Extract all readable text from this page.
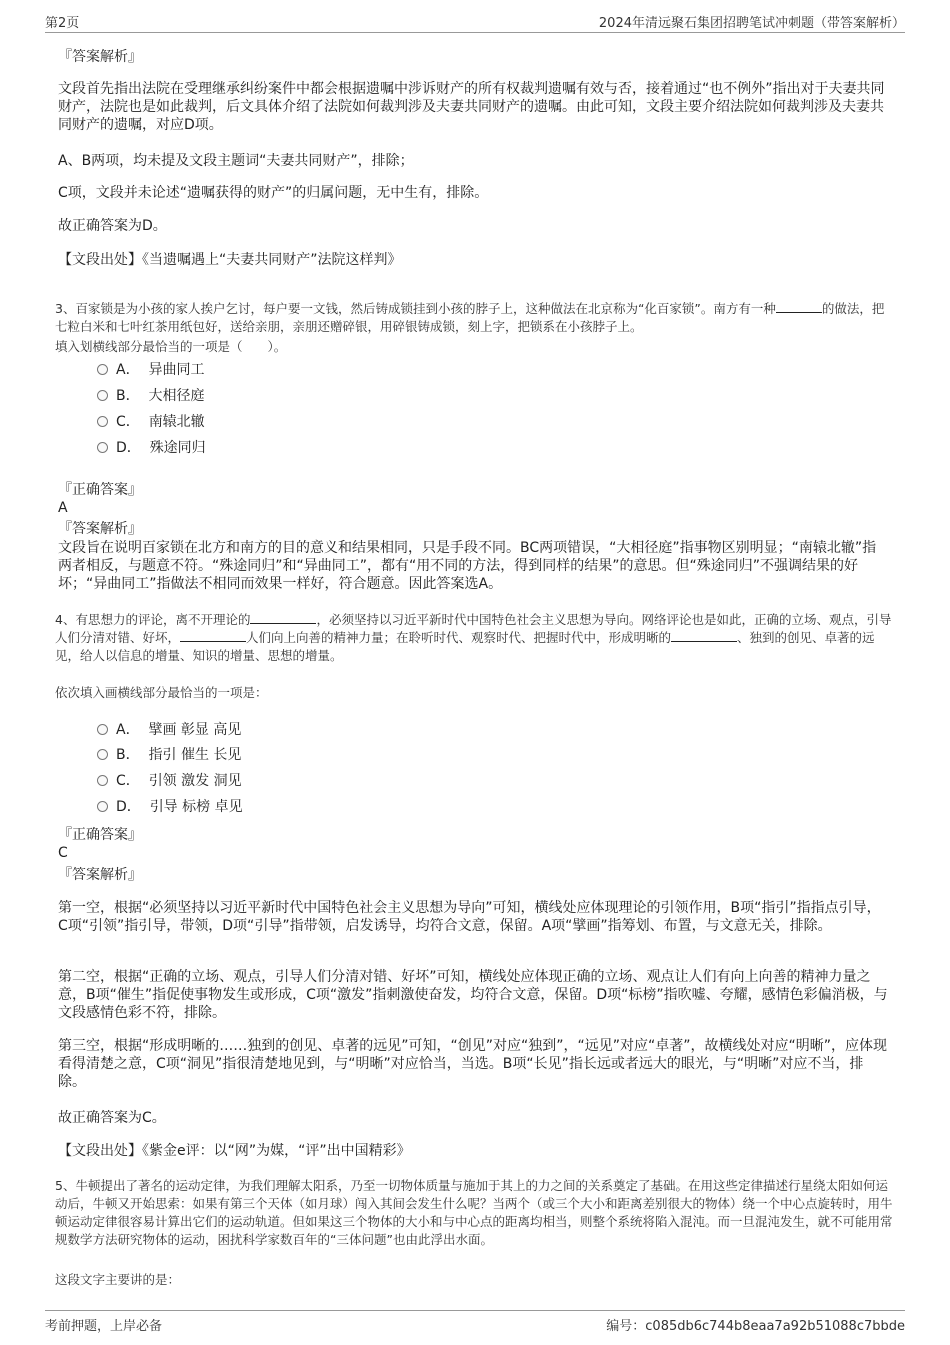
第2页	2024年清远聚石集团招聘笔试冲刺题（带答案解析）

『答案解析』

文段首先指出法院在受理继承纠纷案件中都会根据遗嘱中涉诉财产的所有权裁判遗嘱有效与否，接着通过“也不例外”指出对于夫妻共同财产，法院也是如此裁判，后文具体介绍了法院如何裁判涉及夫妻共同财产的遗嘱。由此可知，文段主要介绍法院如何裁判涉及夫妻共同财产的遗嘱，对应D项。

A、B两项，均未提及文段主题词“夫妻共同财产”，排除；

C项，文段并未论述“遗嘱获得的财产”的归属问题，无中生有，排除。

故正确答案为D。

【文段出处】《当遗嘱遇上“夫妻共同财产”法院这样判》

3、百家锁是为小孩的家人挨户乞讨，每户要一文钱，然后铸成锁挂到小孩的脖子上，这种做法在北京称为“化百家锁”。南方有一种	的做法，把七粒白米和七叶红茶用纸包好，送给亲朋，亲朋还赠碎银，用碎银铸成锁，刻上字，把锁系在小孩脖子上。

填入划横线部分最恰当的一项是（　　）。

A． 异曲同工
B． 大相径庭
C． 南辕北辙
D． 殊途同归

『正确答案』

A

『答案解析』

文段旨在说明百家锁在北方和南方的目的意义和结果相同，只是手段不同。BC两项错误，“大相径庭”指事物区别明显；“南辕北辙”指两者相反，与题意不符。“殊途同归”和“异曲同工”，都有“用不同的方法，得到同样的结果”的意思。但“殊途同归”不强调结果的好坏；“异曲同工”指做法不相同而效果一样好，符合题意。因此答案选A。

4、有思想力的评论，离不开理论的	，必须坚持以习近平新时代中国特色社会主义思想为导向。网络评论也是如此，正确的立场、观点，引导人们分清对错、好坏，	人们向上向善的精神力量；在聆听时代、观察时代、把握时代中，形成明晰的	、独到的创见、卓著的远见，给人以信息的增量、知识的增量、思想的增量。

依次填入画横线部分最恰当的一项是：

A． 擘画 彰显 高见
B． 指引 催生 长见
C． 引领 激发 洞见
D． 引导 标榜 卓见

『正确答案』

C

『答案解析』

第一空，根据“必须坚持以习近平新时代中国特色社会主义思想为导向”可知，横线处应体现理论的引领作用，B项“指引”指指点引导，C项“引领”指引导，带领，D项“引导”指带领，启发诱导，均符合文意，保留。A项“擘画”指筹划、布置，与文意无关，排除。

第二空，根据“正确的立场、观点，引导人们分清对错、好坏”可知，横线处应体现正确的立场、观点让人们有向上向善的精神力量之意，B项“催生”指促使事物发生或形成，C项“激发”指刺激使奋发，均符合文意，保留。D项“标榜”指吹嘘、夸耀，感情色彩偏消极，与文段感情色彩不符，排除。

第三空，根据“形成明晰的……独到的创见、卓著的远见”可知，“创见”对应“独到”，“远见”对应“卓著”，故横线处对应“明晰”，应体现看得清楚之意，C项“洞见”指很清楚地见到，与“明晰”对应恰当，当选。B项“长见”指长远或者远大的眼光，与“明晰”对应不当，排除。

故正确答案为C。

【文段出处】《紫金e评：以“网”为媒，“评”出中国精彩》

5、牛顿提出了著名的运动定律，为我们理解太阳系，乃至一切物体质量与施加于其上的力之间的关系奠定了基础。在用这些定律描述行星绕太阳如何运动后，牛顿又开始思索：如果有第三个天体（如月球）闯入其间会发生什么呢？当两个（或三个大小和距离差别很大的物体）绕一个中心点旋转时，用牛顿运动定律很容易计算出它们的运动轨道。但如果这三个物体的大小和与中心点的距离均相当，则整个系统将陷入混沌。而一旦混沌发生，就不可能用常规数学方法研究物体的运动，困扰科学家数百年的“三体问题”也由此浮出水面。

这段文字主要讲的是：

考前押题，上岸必备	编号：c085db6c744b8eaa7a92b51088c7bbde
